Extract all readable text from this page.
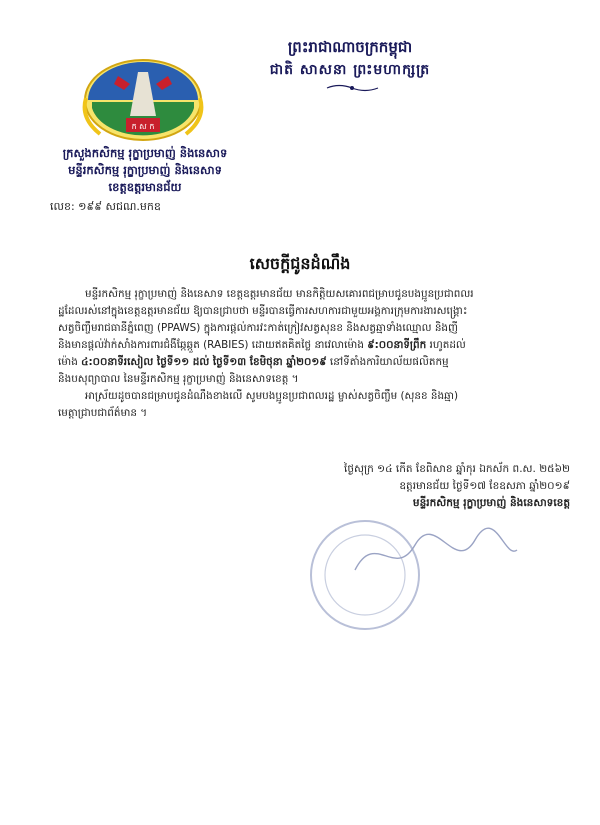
ព្រះរាជាណាចក្រកម្ពុជា
ជាតិ សាសនា ព្រះមហាក្សត្រ
ក ស ក
ក្រសួងកសិកម្ម រុក្ខាប្រមាញ់ និងនេសាទ
មន្ទីរកសិកម្ម រុក្ខាប្រមាញ់ និងនេសាទ
ខេត្តឧត្តរមានជ័យ
លេខ: ១៩៩ សជណ.មកឧ
សេចក្តីជូនដំណឹង
មន្ទីរកសិកម្ម រុក្ខាប្រមាញ់ និងនេសាទ ខេត្តឧត្តរមានជ័យ មានកិត្តិយសគោរពជម្រាបជូនបងប្អូនប្រជាពលរ
ដ្ឋដែលរស់នៅក្នុងខេត្តឧត្តរមានជ័យ ឱ្យបានជ្រាបថា មន្ទីរបានធ្វើការសហការជាមួយអង្គការក្រុមការងារសង្គ្រោះ
សត្វចិញ្ចឹមរាជធានីភ្នំពេញ (PPAWS) ក្នុងការផ្តល់ការវះកាត់ក្រៀវសត្វសុនខ និងសត្វឆ្មាទាំងឈ្មោល និងញី
និងមានផ្តល់វ៉ាក់សាំងការពារជំងឺឆ្កែឆ្កួត (RABIES) ដោយឥតគិតថ្លៃ នាវេលាម៉ោង ៩:០០នាទីព្រឹក រហូតដល់
ម៉ោង ៤:០០នាទីរសៀល ថ្ងៃទី១១ ដល់ ថ្ងៃទី១៣ ខែមិថុនា ឆ្នាំ២០១៩ នៅទីតាំងការិយាល័យផលិតកម្ម
និងបសុព្យាបាល នៃមន្ទីរកសិកម្ម រុក្ខាប្រមាញ់ និងនេសាទខេត្ត ។
អាស្រ័យដូចបានជម្រាបជូនដំណឹងខាងលើ សូមបងប្អូនប្រជាពលរដ្ឋ ម្ចាស់សត្វចិញ្ចឹម (សុនខ និងឆ្មា)
មេត្តាជ្រាបជាព័ត៌មាន ។
ថ្ងៃសុក្រ ១៤ កើត ខែពិសាខ ឆ្នាំកុរ ឯកស័ក ព.ស. ២៥៦២
ឧត្តរមានជ័យ ថ្ងៃទី១៧ ខែឧសភា ឆ្នាំ២០១៩
មន្ទីរកសិកម្ម រុក្ខាប្រមាញ់ និងនេសាទខេត្ត
